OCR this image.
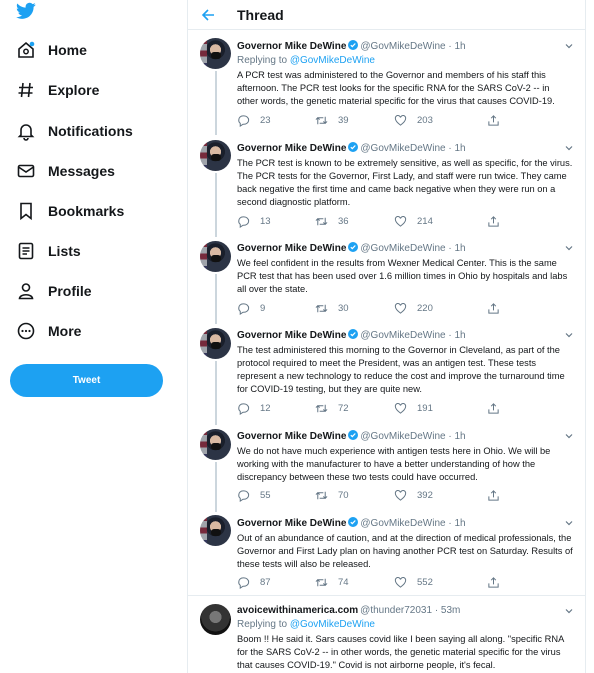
Home
Explore
Notifications
Messages
Bookmarks
Lists
Profile
More
Tweet
Thread
Governor Mike DeWine @GovMikeDeWine · 1h
Replying to @GovMikeDeWine
A PCR test was administered to the Governor and members of his staff this afternoon. The PCR test looks for the specific RNA for the SARS CoV-2 -- in other words, the genetic material specific for the virus that causes COVID-19.
23	39	203
Governor Mike DeWine @GovMikeDeWine · 1h
The PCR test is known to be extremely sensitive, as well as specific, for the virus. The PCR tests for the Governor, First Lady, and staff were run twice. They came back negative the first time and came back negative when they were run on a second diagnostic platform.
13	36	214
Governor Mike DeWine @GovMikeDeWine · 1h
We feel confident in the results from Wexner Medical Center. This is the same PCR test that has been used over 1.6 million times in Ohio by hospitals and labs all over the state.
9	30	220
Governor Mike DeWine @GovMikeDeWine · 1h
The test administered this morning to the Governor in Cleveland, as part of the protocol required to meet the President, was an antigen test. These tests represent a new technology to reduce the cost and improve the turnaround time for COVID-19 testing, but they are quite new.
12	72	191
Governor Mike DeWine @GovMikeDeWine · 1h
We do not have much experience with antigen tests here in Ohio. We will be working with the manufacturer to have a better understanding of how the discrepancy between these two tests could have occurred.
55	70	392
Governor Mike DeWine @GovMikeDeWine · 1h
Out of an abundance of caution, and at the direction of medical professionals, the Governor and First Lady plan on having another PCR test on Saturday. Results of these tests will also be released.
87	74	552
avoicewithinamerica.com @thunder72031 · 53m
Replying to @GovMikeDeWine
Boom !! He said it. Sars causes covid like I been saying all along. "specific RNA for the SARS CoV-2 -- in other words, the genetic material specific for the virus that causes COVID-19." Covid is not airborne people, it's fecal.
